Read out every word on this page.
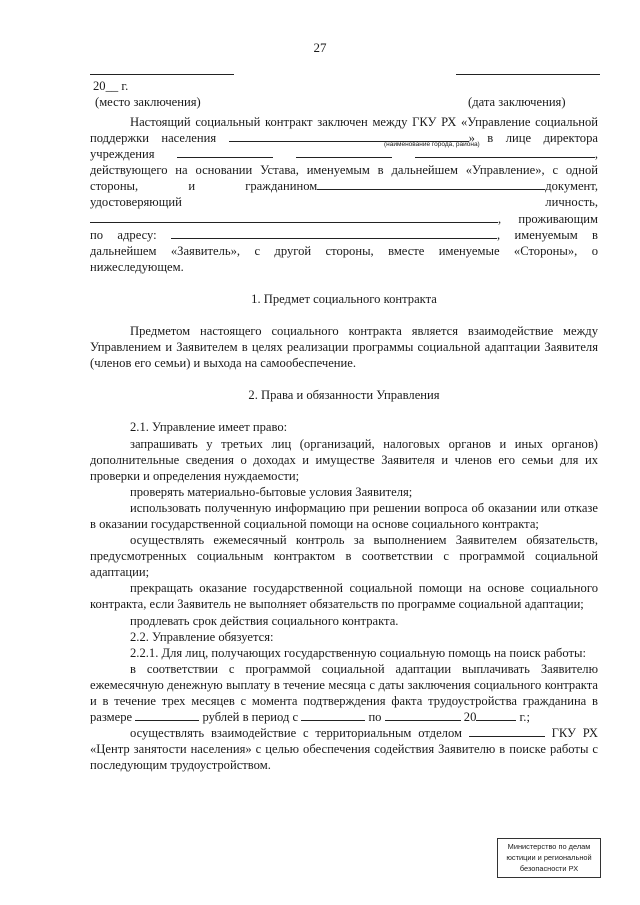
27
20__ г.
(место заключения)	(дата заключения)
(наименование города, района)

Настоящий социальный контракт заключен между ГКУ РХ «Управление социальной поддержки населения	» в лице директора учреждения	, действующего на основании Устава, именуемым в дальнейшем «Управление», с одной стороны, и гражданином	документ, удостоверяющий личность, , проживающим по адресу:	, именуемым в дальнейшем «Заявитель», с другой стороны, вместе именуемые «Стороны», о нижеследующем.

1. Предмет социального контракта

Предметом настоящего социального контракта является взаимодействие между Управлением и Заявителем в целях реализации программы социальной адаптации Заявителя (членов его семьи) и выхода на самообеспечение.

2. Права и обязанности Управления

2.1. Управление имеет право:

запрашивать у третьих лиц (организаций, налоговых органов и иных органов) дополнительные сведения о доходах и имуществе Заявителя и членов его семьи для их проверки и определения нуждаемости;

проверять материально-бытовые условия Заявителя;

использовать полученную информацию при решении вопроса об оказании или отказе в оказании государственной социальной помощи на основе социального контракта;

осуществлять ежемесячный контроль за выполнением Заявителем обязательств, предусмотренных социальным контрактом в соответствии с программой социальной адаптации;

прекращать оказание государственной социальной помощи на основе социального контракта, если Заявитель не выполняет обязательств по программе социальной адаптации;

продлевать срок действия социального контракта.

2.2. Управление обязуется:

2.2.1. Для лиц, получающих государственную социальную помощь на поиск работы:

в соответствии с программой социальной адаптации выплачивать Заявителю ежемесячную денежную выплату в течение месяца с даты заключения социального контракта и в течение трех месяцев с момента подтверждения факта трудоустройства гражданина в размере	рублей в период с	по	20	г.;

осуществлять взаимодействие с территориальным отделом	ГКУ РХ «Центр занятости населения» с целью обеспечения содействия Заявителю в поиске работы с последующим трудоустройством.

Министерство по делам
юстиции и региональной
безопасности РХ
